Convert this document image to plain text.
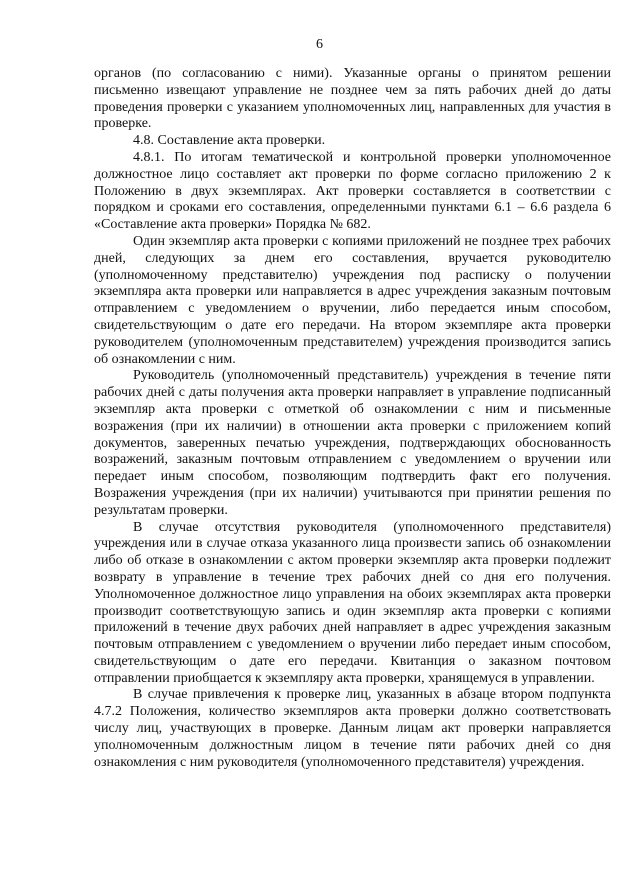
6

органов (по согласованию с ними). Указанные органы о принятом решении письменно извещают управление не позднее чем за пять рабочих дней до даты проведения проверки с указанием уполномоченных лиц, направленных для участия в проверке.

4.8. Составление акта проверки.

4.8.1. По итогам тематической и контрольной проверки уполномоченное должностное лицо составляет акт проверки по форме согласно приложению 2 к Положению в двух экземплярах. Акт проверки составляется в соответствии с порядком и сроками его составления, определенными пунктами 6.1 – 6.6 раздела 6 «Составление акта проверки» Порядка № 682.

Один экземпляр акта проверки с копиями приложений не позднее трех рабочих дней, следующих за днем его составления, вручается руководителю (уполномоченному представителю) учреждения под расписку о получении экземпляра акта проверки или направляется в адрес учреждения заказным почтовым отправлением с уведомлением о вручении, либо передается иным способом, свидетельствующим о дате его передачи. На втором экземпляре акта проверки руководителем (уполномоченным представителем) учреждения производится запись об ознакомлении с ним.

Руководитель (уполномоченный представитель) учреждения в течение пяти рабочих дней с даты получения акта проверки направляет в управление подписанный экземпляр акта проверки с отметкой об ознакомлении с ним и письменные возражения (при их наличии) в отношении акта проверки с приложением копий документов, заверенных печатью учреждения, подтверждающих обоснованность возражений, заказным почтовым отправлением с уведомлением о вручении или передает иным способом, позволяющим подтвердить факт его получения. Возражения учреждения (при их наличии) учитываются при принятии решения по результатам проверки.

В случае отсутствия руководителя (уполномоченного представителя) учреждения или в случае отказа указанного лица произвести запись об ознакомлении либо об отказе в ознакомлении с актом проверки экземпляр акта проверки подлежит возврату в управление в течение трех рабочих дней со дня его получения. Уполномоченное должностное лицо управления на обоих экземплярах акта проверки производит соответствующую запись и один экземпляр акта проверки с копиями приложений в течение двух рабочих дней направляет в адрес учреждения заказным почтовым отправлением с уведомлением о вручении либо передает иным способом, свидетельствующим о дате его передачи. Квитанция о заказном почтовом отправлении приобщается к экземпляру акта проверки, хранящемуся в управлении.

В случае привлечения к проверке лиц, указанных в абзаце втором подпункта 4.7.2 Положения, количество экземпляров акта проверки должно соответствовать числу лиц, участвующих в проверке. Данным лицам акт проверки направляется уполномоченным должностным лицом в течение пяти рабочих дней со дня ознакомления с ним руководителя (уполномоченного представителя) учреждения.
